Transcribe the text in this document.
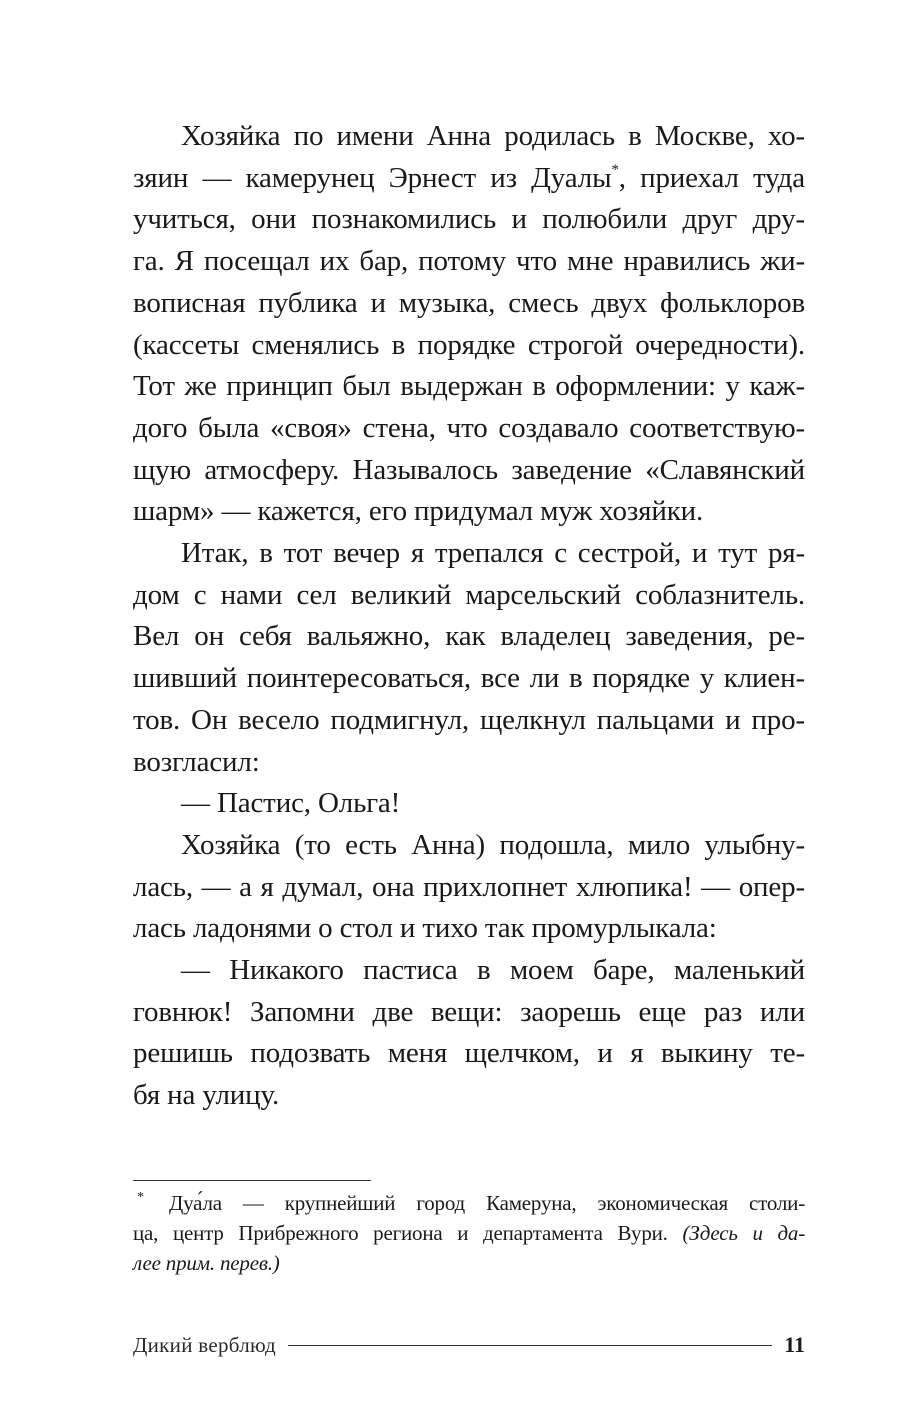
Хозяйка по имени Анна родилась в Москве, хо-
зяин — камерунец Эрнест из Дуалы*, приехал туда
учиться, они познакомились и полюбили друг дру-
га. Я посещал их бар, потому что мне нравились жи-
вописная публика и музыка, смесь двух фольклоров
(кассеты сменялись в порядке строгой очередности).
Тот же принцип был выдержан в оформлении: у каж-
дого была «своя» стена, что создавало соответствую-
щую атмосферу. Называлось заведение «Славянский
шарм» — кажется, его придумал муж хозяйки.
Итак, в тот вечер я трепался с сестрой, и тут ря-
дом с нами сел великий марсельский соблазнитель.
Вел он себя вальяжно, как владелец заведения, ре-
шивший поинтересоваться, все ли в порядке у клиен-
тов. Он весело подмигнул, щелкнул пальцами и про-
возгласил:
— Пастис, Ольга!
Хозяйка (то есть Анна) подошла, мило улыбну-
лась, — а я думал, она прихлопнет хлюпика! — опер-
лась ладонями о стол и тихо так промурлыкала:
— Никакого пастиса в моем баре, маленький
говнюк! Запомни две вещи: заорешь еще раз или
решишь подозвать меня щелчком, и я выкину те-
бя на улицу.
* Дуа́ла — крупнейший город Камеруна, экономическая столи-
ца, центр Прибрежного региона и департамента Вури. (Здесь и да-
лее прим. перев.)
Дикий верблюд	11
